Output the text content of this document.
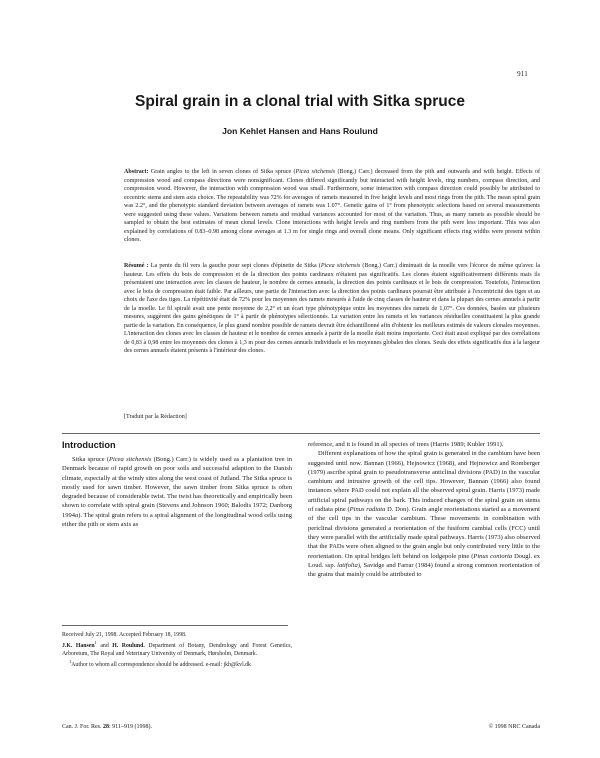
911
Spiral grain in a clonal trial with Sitka spruce
Jon Kehlet Hansen and Hans Roulund

Abstract: Grain angles to the left in seven clones of Sitka spruce (Picea sitchensis (Bong.) Carr.) decreased from the pith and outwards and with height. Effects of compression wood and compass directions were nonsignificant. Clones differed significantly but interacted with height levels, ring numbers, compass direction, and compression wood. However, the interaction with compression wood was small. Furthermore, some interaction with compass direction could possibly be attributed to eccentric stems and stem axis choice. The repeatability was 72% for averages of ramets measured in five height levels and most rings from the pith. The mean spiral grain was 2.2°, and the phenotypic standard deviation between averages of ramets was 1.07°. Genetic gains of 1° from phenotypic selections based on several measurements were suggested using these values. Variations between ramets and residual variances accounted for most of the variation. Thus, as many ramets as possible should be sampled to obtain the best estimates of mean clonal levels. Clone interactions with height levels and ring numbers from the pith were less important. This was also explained by correlations of 0.83–0.98 among clone averages at 1.3 m for single rings and overall clone means. Only significant effects ring widths were present within clones.

Résumé : La pente du fil vers la gauche pour sept clones d'épinette de Sitka (Picea sitchensis (Bong.) Carr.) diminuait de la moelle vers l'écorce de même qu'avec la hauteur. Les effets du bois de compression et de la direction des points cardinaux n'étaient pas significatifs. Les clones étaient significativement différents mais ils présentaient une interaction avec les classes de hauteur, le nombre de cernes annuels, la direction des points cardinaux et le bois de compression. Toutefois, l'interaction avec le bois de compression était faible. Par ailleurs, une partie de l'interaction avec la direction des points cardinaux pourrait être attribuée à l'excentricité des tiges et au choix de l'axe des tiges. La répétitivité était de 72% pour les moyennes des ramets mesurés à l'aide de cinq classes de hauteur et dans la plupart des cernes annuels à partir de la moelle. Le fil spiralé avait une pente moyenne de 2,2° et un écart type phénotypique entre les moyennes des ramets de 1,07°. Ces données, basées sur plusieurs mesures, suggèrent des gains génétiques de 1° à partir de phénotypes sélectionnés. La variation entre les ramets et les variances résiduelles constituaient la plus grande partie de la variation. En conséquence, le plus grand nombre possible de ramets devrait être échantillonné afin d'obtenir les meilleurs estimés de valeurs clonales moyennes. L'interaction des clones avec les classes de hauteur et le nombre de cernes annuels à partir de la moelle était moins importante. Ceci était aussi expliqué par des corrélations de 0,83 à 0,98 entre les moyennes des clones à 1,3 m pour des cernes annuels individuels et les moyennes globales des clones. Seuls des effets significatifs dus à la largeur des cernes annuels étaient présents à l'intérieur des clones.

[Traduit par la Rédaction]

Introduction

Sitka spruce (Picea sitchensis (Bong.) Carr.) is widely used as a plantation tree in Denmark because of rapid growth on poor soils and successful adaption to the Danish climate, especially at the windy sites along the west coast of Jutland. The Sitka spruce is mostly used for sawn timber. However, the sawn timber from Sitka spruce is often degraded because of considerable twist. The twist has theoretically and empirically been shown to correlate with spiral grain (Stevens and Johnson 1960; Balodis 1972; Danborg 1994a). The spiral grain refers to a spiral alignment of the longitudinal wood cells using either the pith or stem axis as

reference, and it is found in all species of trees (Harris 1989; Kubler 1991).

Different explanations of how the spiral grain is generated in the cambium have been suggested until now. Bannan (1966), Hejnowicz (1968), and Hejnowicz and Romberger (1979) ascribe spiral grain to pseudotransverse anticlinal divisions (PAD) in the vascular cambium and intrusive growth of the cell tips. However, Bannan (1966) also found instances where PAD could not explain all the observed spiral grain. Harris (1973) made artificial spiral pathways on the bark. This induced changes of the spiral grain on stems of radiata pine (Pinus radiata D. Don). Grain angle reorientations started as a movement of the cell tips in the vascular cambium. These movements in combination with periclinal divisions generated a reorientation of the fusiform cambial cells (FCC) until they were parallel with the artificially made spiral pathways. Harris (1973) also observed that the PADs were often aligned to the grain angle but only contributed very little to the reorientation. On spiral bridges left behind on lodgepole pine (Pinus contorta Dougl. ex Loud. ssp. latifolia), Savidge and Farrar (1984) found a strong common reorientation of the grains that mainly could be attributed to

Received July 21, 1998. Accepted February 18, 1998.

J.K. Hansen$^1$ and H. Roulund. Department of Botany, Dendrology and Forest Genetics, Arboretum, The Royal and Veterinary University of Denmark, Hørsholm, Denmark.

$^1$Author to whom all correspondence should be addressed. e-mail: jkh@kvl.dk

Can. J. For. Res. 28: 911–919 (1998).	© 1998 NRC Canada
